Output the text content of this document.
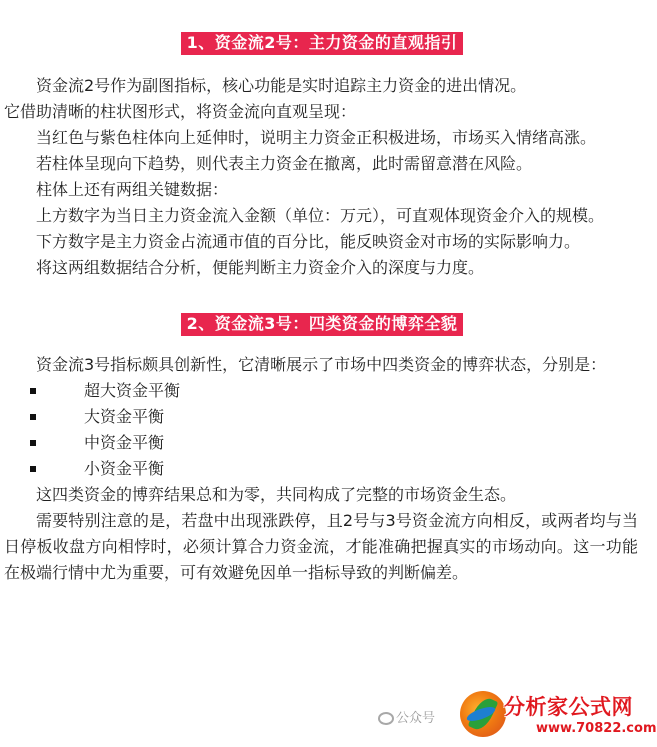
1、资金流2号：主力资金的直观指引

资金流2号作为副图指标，核心功能是实时追踪主力资金的进出情况。

它借助清晰的柱状图形式，将资金流向直观呈现：

当红色与紫色柱体向上延伸时，说明主力资金正积极进场，市场买入情绪高涨。

若柱体呈现向下趋势，则代表主力资金在撤离，此时需留意潜在风险。

柱体上还有两组关键数据：

上方数字为当日主力资金流入金额（单位：万元），可直观体现资金介入的规模。

下方数字是主力资金占流通市值的百分比，能反映资金对市场的实际影响力。

将这两组数据结合分析，便能判断主力资金介入的深度与力度。

2、资金流3号：四类资金的博弈全貌

资金流3号指标颇具创新性，它清晰展示了市场中四类资金的博弈状态，分别是：

超大资金平衡
大资金平衡
中资金平衡
小资金平衡

这四类资金的博弈结果总和为零，共同构成了完整的市场资金生态。

需要特别注意的是，若盘中出现涨跌停，且2号与3号资金流方向相反，或两者均与当日停板收盘方向相悖时，必须计算合力资金流，才能准确把握真实的市场动向。这一功能在极端行情中尤为重要，可有效避免因单一指标导致的判断偏差。

公众号	分析家公式网
www.70822.com
